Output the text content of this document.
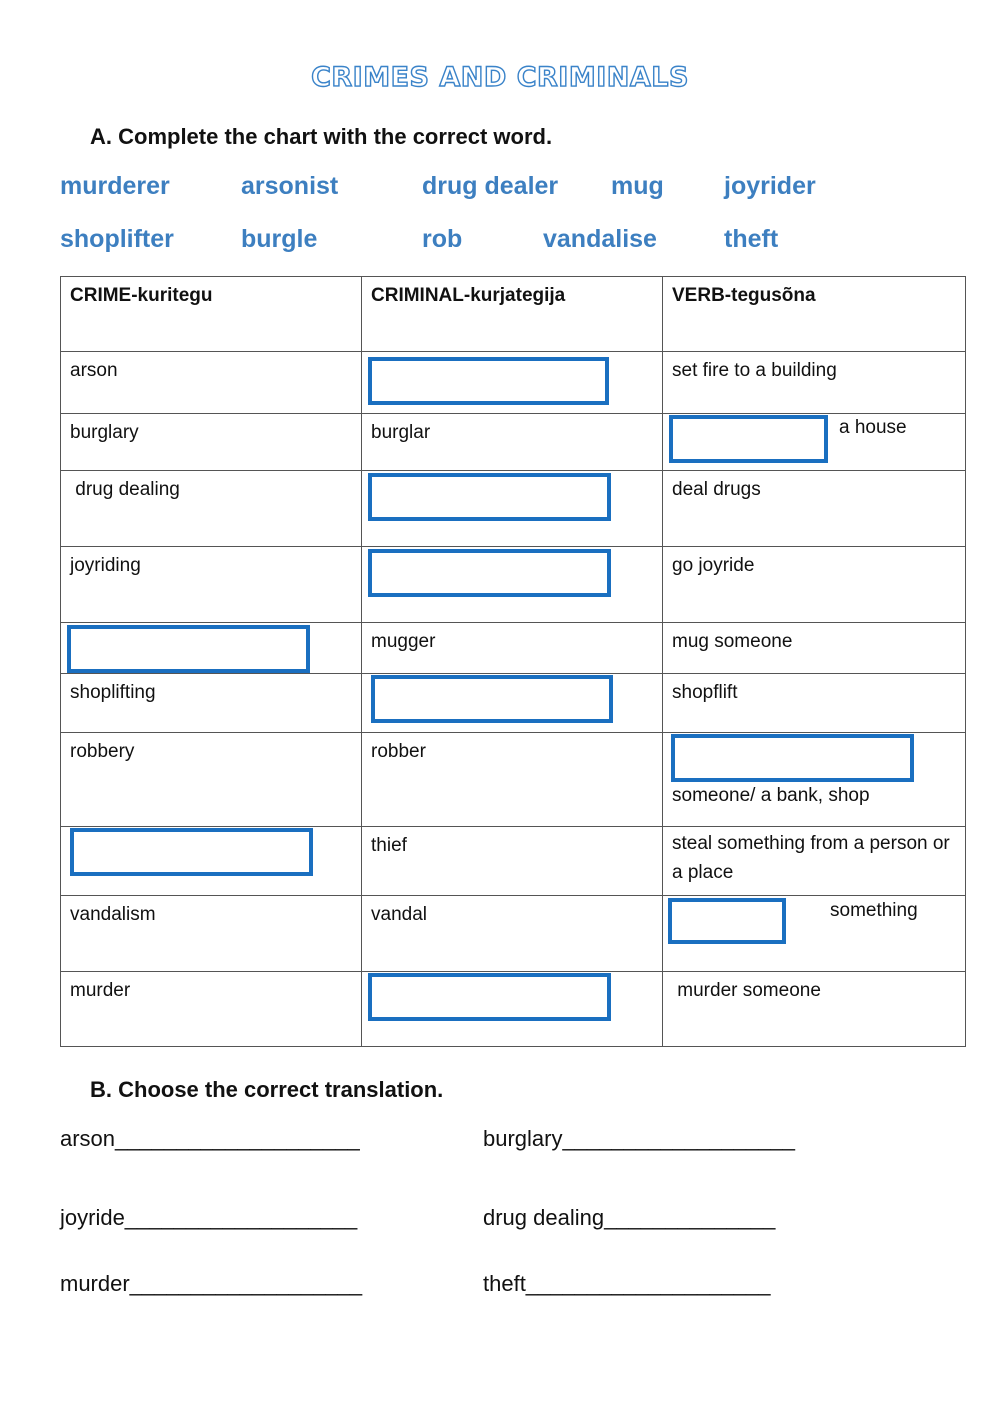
CRIMES AND CRIMINALS
A. Complete the chart with the correct word.
murderer	arsonist	drug dealer mug joyrider
shoplifter	burgle	rob	vandalise	theft
CRIME-kuritegu	CRIMINAL-kurjategija	VERB-tegusõna
arson		set fire to a building
burglary	burglar	a house

drug dealing		deal drugs
joyriding		go joyride

	mugger	mug someone
shoplifting		shopflift
robbery	robber	someone/ a bank, shop

	thief	steal something from a person or a place
vandalism	vandal	something

murder		murder someone
B. Choose the correct translation.
arson____________________	burglary___________________
joyride___________________	drug dealing______________
murder___________________	theft____________________
